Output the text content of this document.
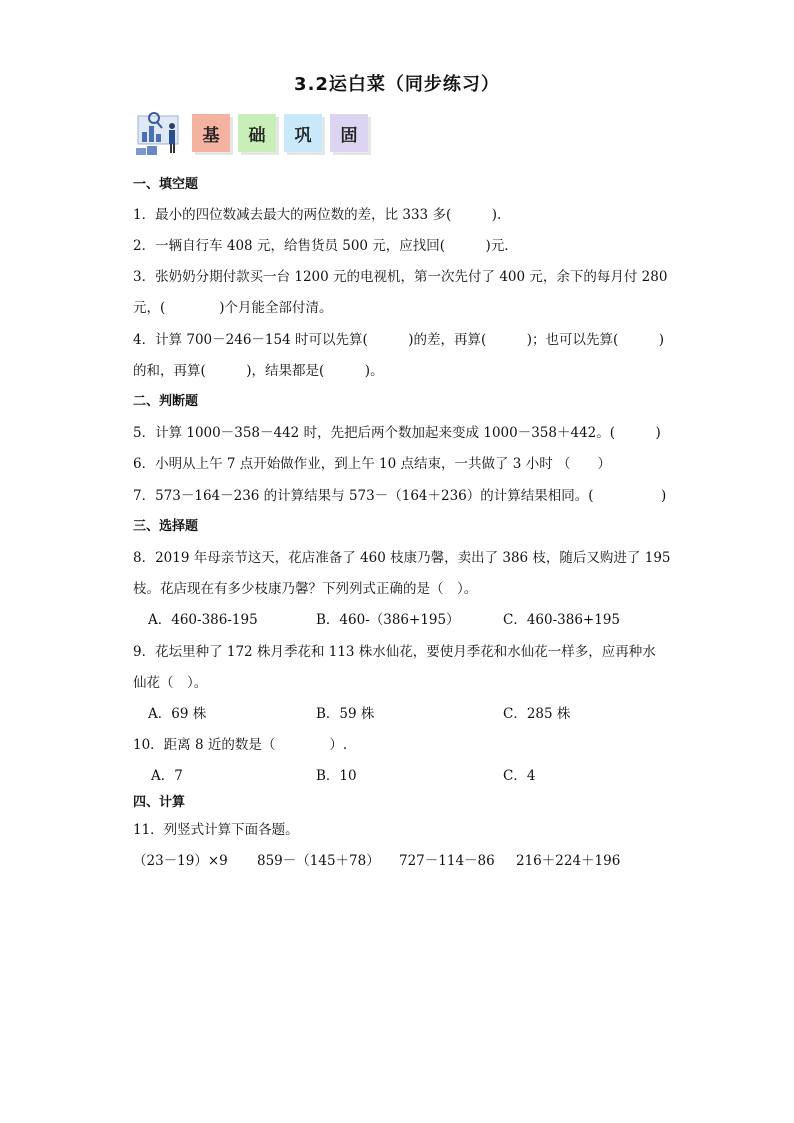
3.2运白菜（同步练习）
基	础	巩	固
一、填空题
1．最小的四位数减去最大的两位数的差，比 333 多(　　　).
2．一辆自行车 408 元，给售货员 500 元，应找回(　　　)元．
3．张奶奶分期付款买一台 1200 元的电视机，第一次先付了 400 元，余下的每月付 280
元，(　　　　)个月能全部付清。
4．计算 700－246－154 时可以先算(　　　)的差，再算(　　　)；也可以先算(　　　)
的和，再算(　　　)，结果都是(　　　)。
二、判断题
5．计算 1000－358－442 时，先把后两个数加起来变成 1000－358＋442。(　　　)
6．小明从上午 7 点开始做作业，到上午 10 点结束，一共做了 3 小时 （　　）
7．573－164－236 的计算结果与 573－（164＋236）的计算结果相同。(　　　　　)
三、选择题
8．2019 年母亲节这天，花店准备了 460 枝康乃馨，卖出了 386 枝，随后又购进了 195
枝。花店现在有多少枝康乃馨？下列列式正确的是（　）。
A．460-386-195	B．460-（386+195）	C．460-386+195
9．花坛里种了 172 株月季花和 113 株水仙花，要使月季花和水仙花一样多，应再种水
仙花（　）。
A．69 株	B．59 株	C．285 株
10．距离 8 近的数是（　　　　）.
A．7	B．10	C．4
四、计算
11．列竖式计算下面各题。
（23－19）×9 859－（145＋78） 727－114－86 216＋224＋196
